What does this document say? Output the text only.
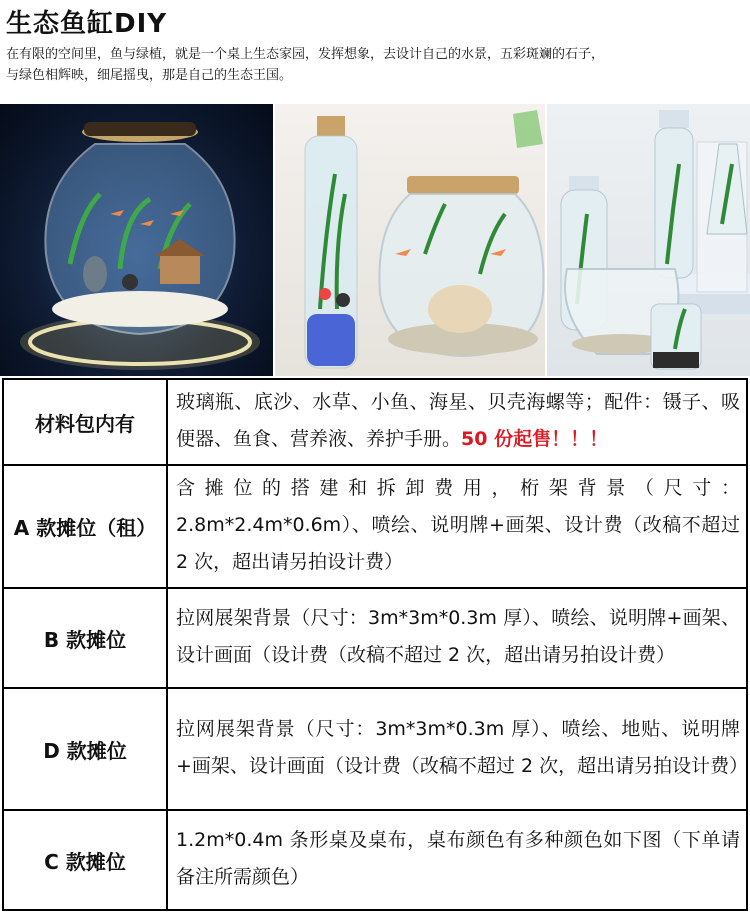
生态鱼缸DIY
在有限的空间里，鱼与绿植，就是一个桌上生态家园，发挥想象，去设计自己的水景，五彩斑斓的石子，
与绿色相辉映，细尾摇曳，那是自己的生态王国。
材料包内有	玻璃瓶、底沙、水草、小鱼、海星、贝壳海螺等；配件：镊子、吸便器、鱼食、营养液、养护手册。50 份起售！！！
A 款摊位（租）	含摊位的搭建和拆卸费用，桁架背景（尺寸：2.8m*2.4m*0.6m）、喷绘、说明牌+画架、设计费（改稿不超过 2 次，超出请另拍设计费）
B 款摊位	拉网展架背景（尺寸：3m*3m*0.3m 厚）、喷绘、说明牌+画架、设计画面（设计费（改稿不超过 2 次，超出请另拍设计费）
D 款摊位	拉网展架背景（尺寸：3m*3m*0.3m 厚）、喷绘、地贴、说明牌+画架、设计画面（设计费（改稿不超过 2 次，超出请另拍设计费）
C 款摊位	1.2m*0.4m 条形桌及桌布，桌布颜色有多种颜色如下图（下单请备注所需颜色）
